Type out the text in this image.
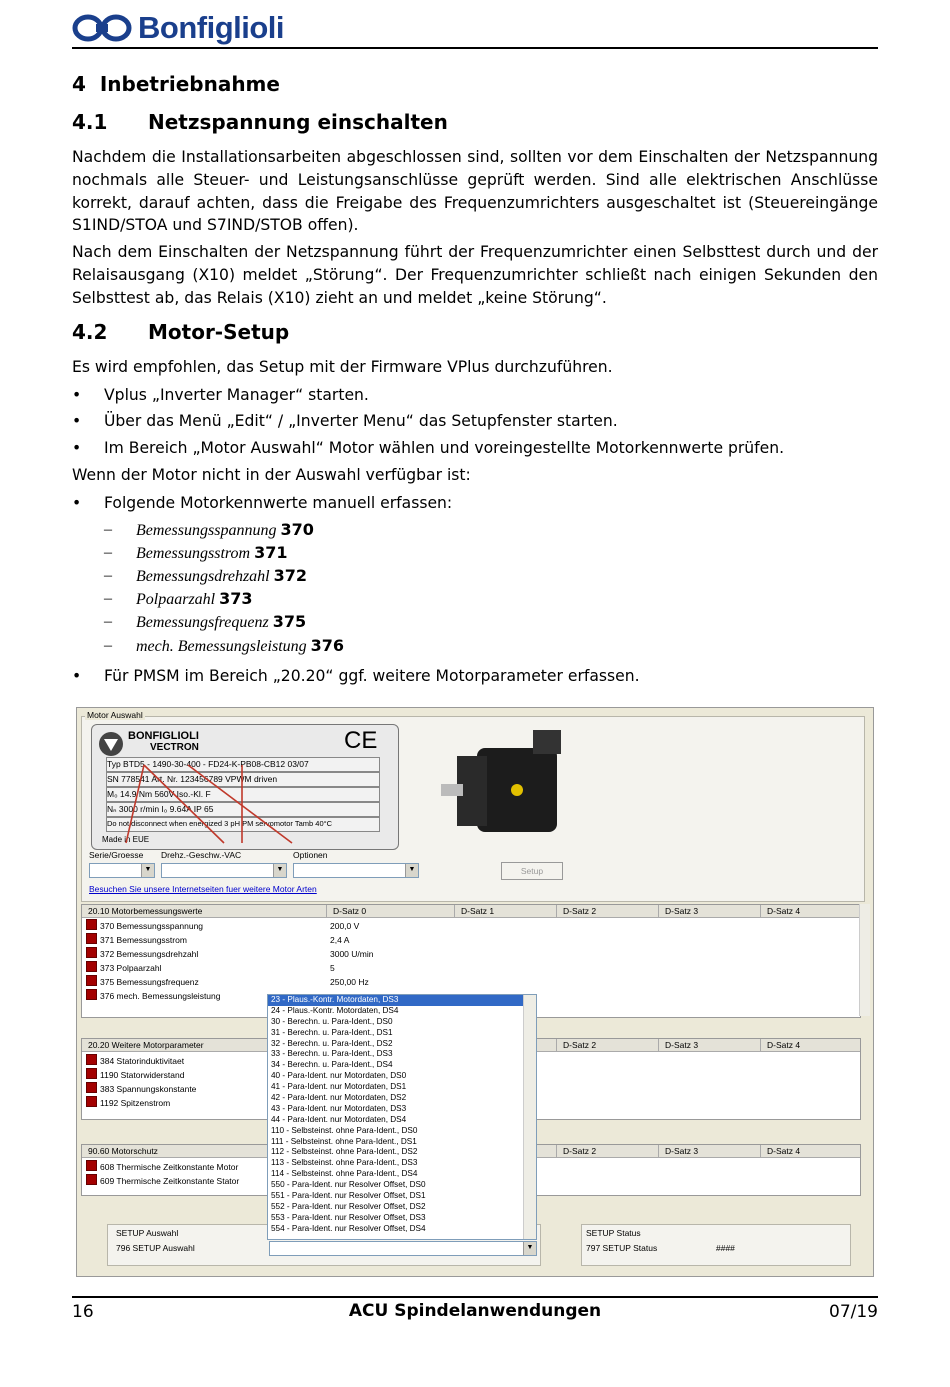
Bonfiglioli
4 Inbetriebnahme
4.1 Netzspannung einschalten
Nachdem die Installationsarbeiten abgeschlossen sind, sollten vor dem Einschalten der Netzspannung nochmals alle Steuer- und Leistungsanschlüsse geprüft werden. Sind alle elektrischen Anschlüsse korrekt, darauf achten, dass die Freigabe des Frequenzumrichters ausgeschaltet ist (Steuereingänge S1IND/STOA und S7IND/STOB offen).
Nach dem Einschalten der Netzspannung führt der Frequenzumrichter einen Selbsttest durch und der Relaisausgang (X10) meldet „Störung“. Der Frequenzumrichter schließt nach einigen Sekunden den Selbsttest ab, das Relais (X10) zieht an und meldet „keine Störung“.
4.2 Motor-Setup
Es wird empfohlen, das Setup mit der Firmware VPlus durchzuführen.
• Vplus „Inverter Manager“ starten.
• Über das Menü „Edit“ / „Inverter Menu“ das Setupfenster starten.
• Im Bereich „Motor Auswahl“ Motor wählen und voreingestellte Motorkennwerte prüfen.
Wenn der Motor nicht in der Auswahl verfügbar ist:
• Folgende Motorkennwerte manuell erfassen:
– Bemessungsspannung 370
– Bemessungsstrom 371
– Bemessungsdrehzahl 372
– Polpaarzahl 373
– Bemessungsfrequenz 375
– mech. Bemessungsleistung 376
• Für PMSM im Bereich „20.20“ ggf. weitere Motorparameter erfassen.
Motor Auswahl
BONFIGLIOLI
VECTRON	CE
Typ BTD5 - 1490-30-400 - FD24-K-PB08-CB12 03/07
SN 778541 Art. Nr. 123456789 VPWM driven
M₀ 14.9 Nm 560V Iso.-Kl. F
Nₙ 3000 r/min I₀ 9.64A IP 65
Do not disconnect when energized 3 pH PM servomotor Tamb 40°C
Made in EUE
Serie/Groesse Drehz.-Geschw.-VAC	Optionen
▼	▼	▼	Setup
Besuchen Sie unsere Internetseiten fuer weitere Motor Arten
20.10 Motorbemessungswerte	D-Satz 0	D-Satz 1	D-Satz 2	D-Satz 3	D-Satz 4
370 Bemessungsspannung	200,0 V
371 Bemessungsstrom	2,4 A
372 Bemessungsdrehzahl	3000 U/min
373 Polpaarzahl	5
375 Bemessungsfrequenz	250,00 Hz
376 mech. Bemessungsleistung
20.20 Weitere Motorparameter	D-Satz 2	D-Satz 3	D-Satz 4
384 Statorinduktivitaet
1190 Statorwiderstand
383 Spannungskonstante
1192 Spitzenstrom
90.60 Motorschutz	D-Satz 2	D-Satz 3	D-Satz 4
608 Thermische Zeitkonstante Motor
609 Thermische Zeitkonstante Stator
SETUP Auswahl
796 SETUP Auswahl	▼
SETUP Status
797 SETUP Status	####
23 - Plaus.-Kontr. Motordaten, DS3
24 - Plaus.-Kontr. Motordaten, DS4
30 - Berechn. u. Para-Ident., DS0
31 - Berechn. u. Para-Ident., DS1
32 - Berechn. u. Para-Ident., DS2
33 - Berechn. u. Para-Ident., DS3
34 - Berechn. u. Para-Ident., DS4
40 - Para-Ident. nur Motordaten, DS0
41 - Para-Ident. nur Motordaten, DS1
42 - Para-Ident. nur Motordaten, DS2
43 - Para-Ident. nur Motordaten, DS3
44 - Para-Ident. nur Motordaten, DS4
110 - Selbsteinst. ohne Para-Ident., DS0
111 - Selbsteinst. ohne Para-Ident., DS1
112 - Selbsteinst. ohne Para-Ident., DS2
113 - Selbsteinst. ohne Para-Ident., DS3
114 - Selbsteinst. ohne Para-Ident., DS4
550 - Para-Ident. nur Resolver Offset, DS0
551 - Para-Ident. nur Resolver Offset, DS1
552 - Para-Ident. nur Resolver Offset, DS2
553 - Para-Ident. nur Resolver Offset, DS3
554 - Para-Ident. nur Resolver Offset, DS4
16	ACU Spindelanwendungen	07/19
